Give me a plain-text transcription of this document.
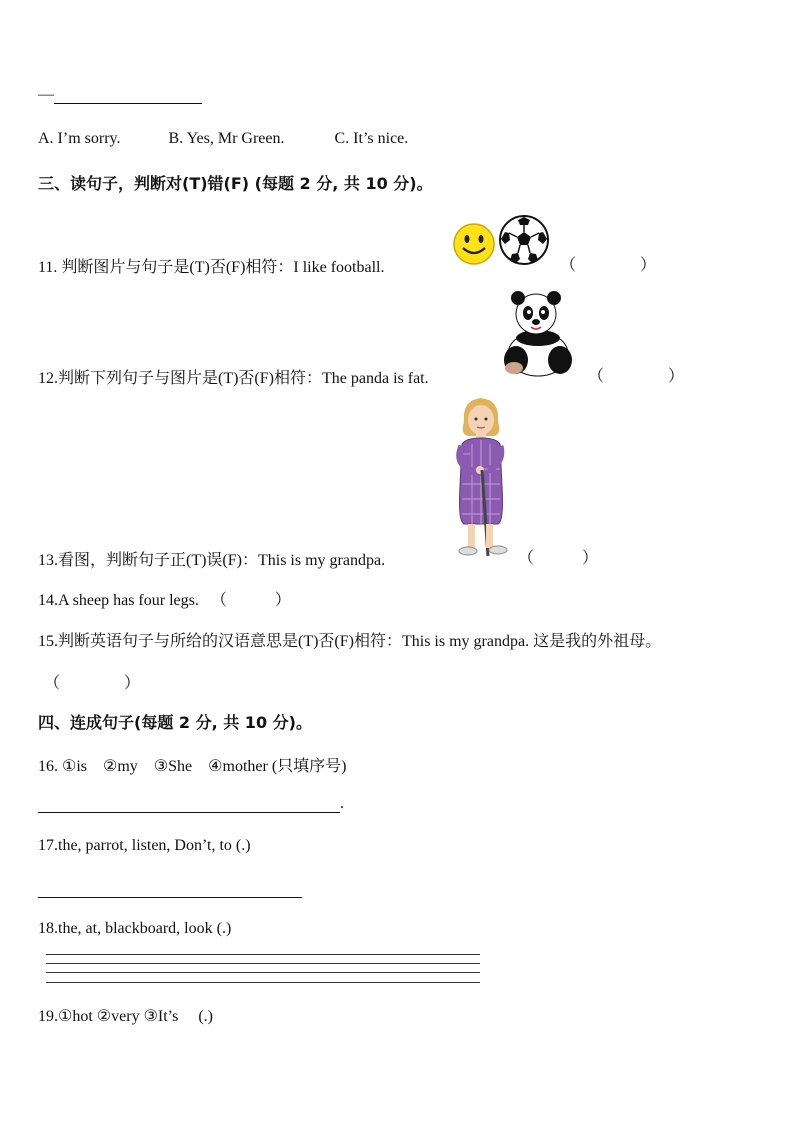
—
A. I’m sorry.	B. Yes, Mr Green.	C. It’s nice.
三、读句子，判断对(T)错(F) (每题 2 分, 共 10 分)。
11. 判断图片与句子是(T)否(F)相符：I like football.	（　　　　）
12.判断下列句子与图片是(T)否(F)相符：The panda is fat.	（　　　　）
13.看图，判断句子正(T)误(F)：This is my grandpa.	（　　　）
14.A sheep has four legs. （　　　）
15.判断英语句子与所给的汉语意思是(T)否(F)相符：This is my grandpa. 这是我的外祖母。
（　　　　）
四、连成句子(每题 2 分, 共 10 分)。
16. ①is　②my　③She　④mother (只填序号)
.
17.the, parrot, listen, Don’t, to (.)
18.the, at, blackboard, look (.)
19.①hot ②very ③It’s　 (.)
